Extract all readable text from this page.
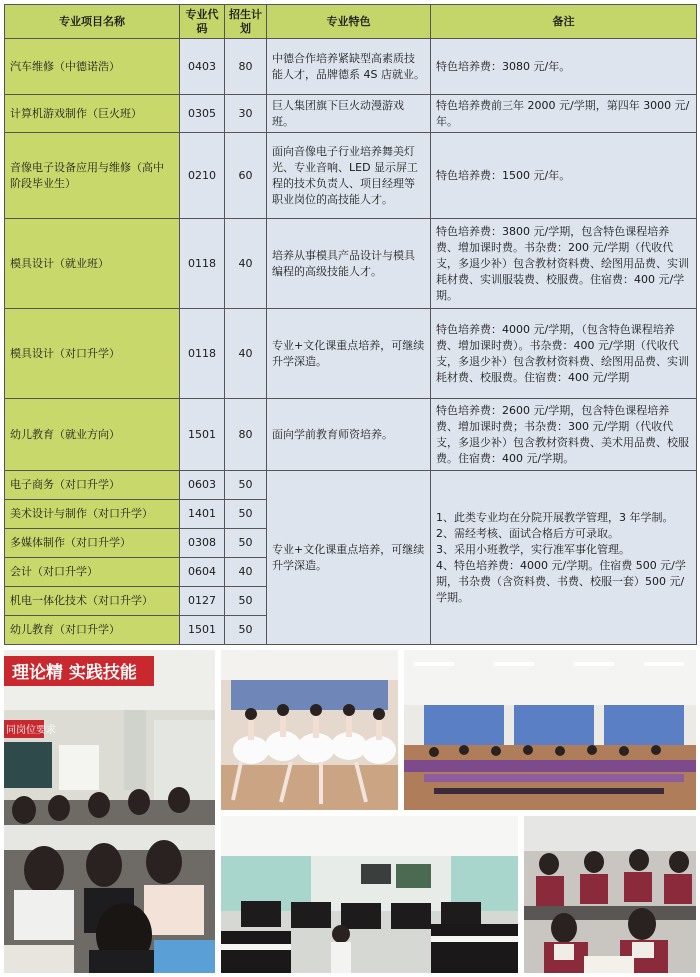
专业项目名称	专业代码	招生计划	专业特色	备注
汽车维修（中德诺浩）	0403	80	中德合作培养紧缺型高素质技能人才，品牌德系 4S 店就业。	特色培养费：3080 元/年。
计算机游戏制作（巨火班）	0305	30	巨人集团旗下巨火动漫游戏班。	特色培养费前三年 2000 元/学期，第四年 3000 元/年。
音像电子设备应用与维修（高中阶段毕业生）	0210	60	面向音像电子行业培养舞美灯光、专业音响、LED 显示屏工程的技术负责人、项目经理等职业岗位的高技能人才。	特色培养费：1500 元/年。
模具设计（就业班）	0118	40	培养从事模具产品设计与模具编程的高级技能人才。	特色培养费：3800 元/学期，包含特色课程培养费、增加课时费。书杂费：200 元/学期（代收代支，多退少补）包含教材资料费、绘图用品费、实训耗材费、实训服装费、校服费。住宿费：400 元/学期。
模具设计（对口升学）	0118	40	专业+文化课重点培养，可继续升学深造。	特色培养费：4000 元/学期，（包含特色课程培养费、增加课时费）。书杂费：400 元/学期（代收代支，多退少补）包含教材资料费、绘图用品费、实训耗材费、校服费。住宿费：400 元/学期
幼儿教育（就业方向）	1501	80	面向学前教育师资培养。	特色培养费：2600 元/学期，包含特色课程培养费、增加课时费；书杂费：300 元/学期（代收代支，多退少补）包含教材资料费、美术用品费、校服费。住宿费：400 元/学期。
电子商务（对口升学）	0603	50	专业+文化课重点培养，可继续升学深造。	1、此类专业均在分院开展教学管理，3 年学制。
2、需经考核、面试合格后方可录取。
3、采用小班教学，实行准军事化管理。
4、特色培养费：4000 元/学期。住宿费 500 元/学期，书杂费（含资料费、书费、校服一套）500 元/学期。

美术设计与制作（对口升学）	1401	50		
多媒体制作（对口升学）	0308	50		
会计（对口升学）	0604	40		
机电一体化技术（对口升学）	0127	50		
幼儿教育（对口升学）	1501	50		
理论精 实践技能
同岗位要求
